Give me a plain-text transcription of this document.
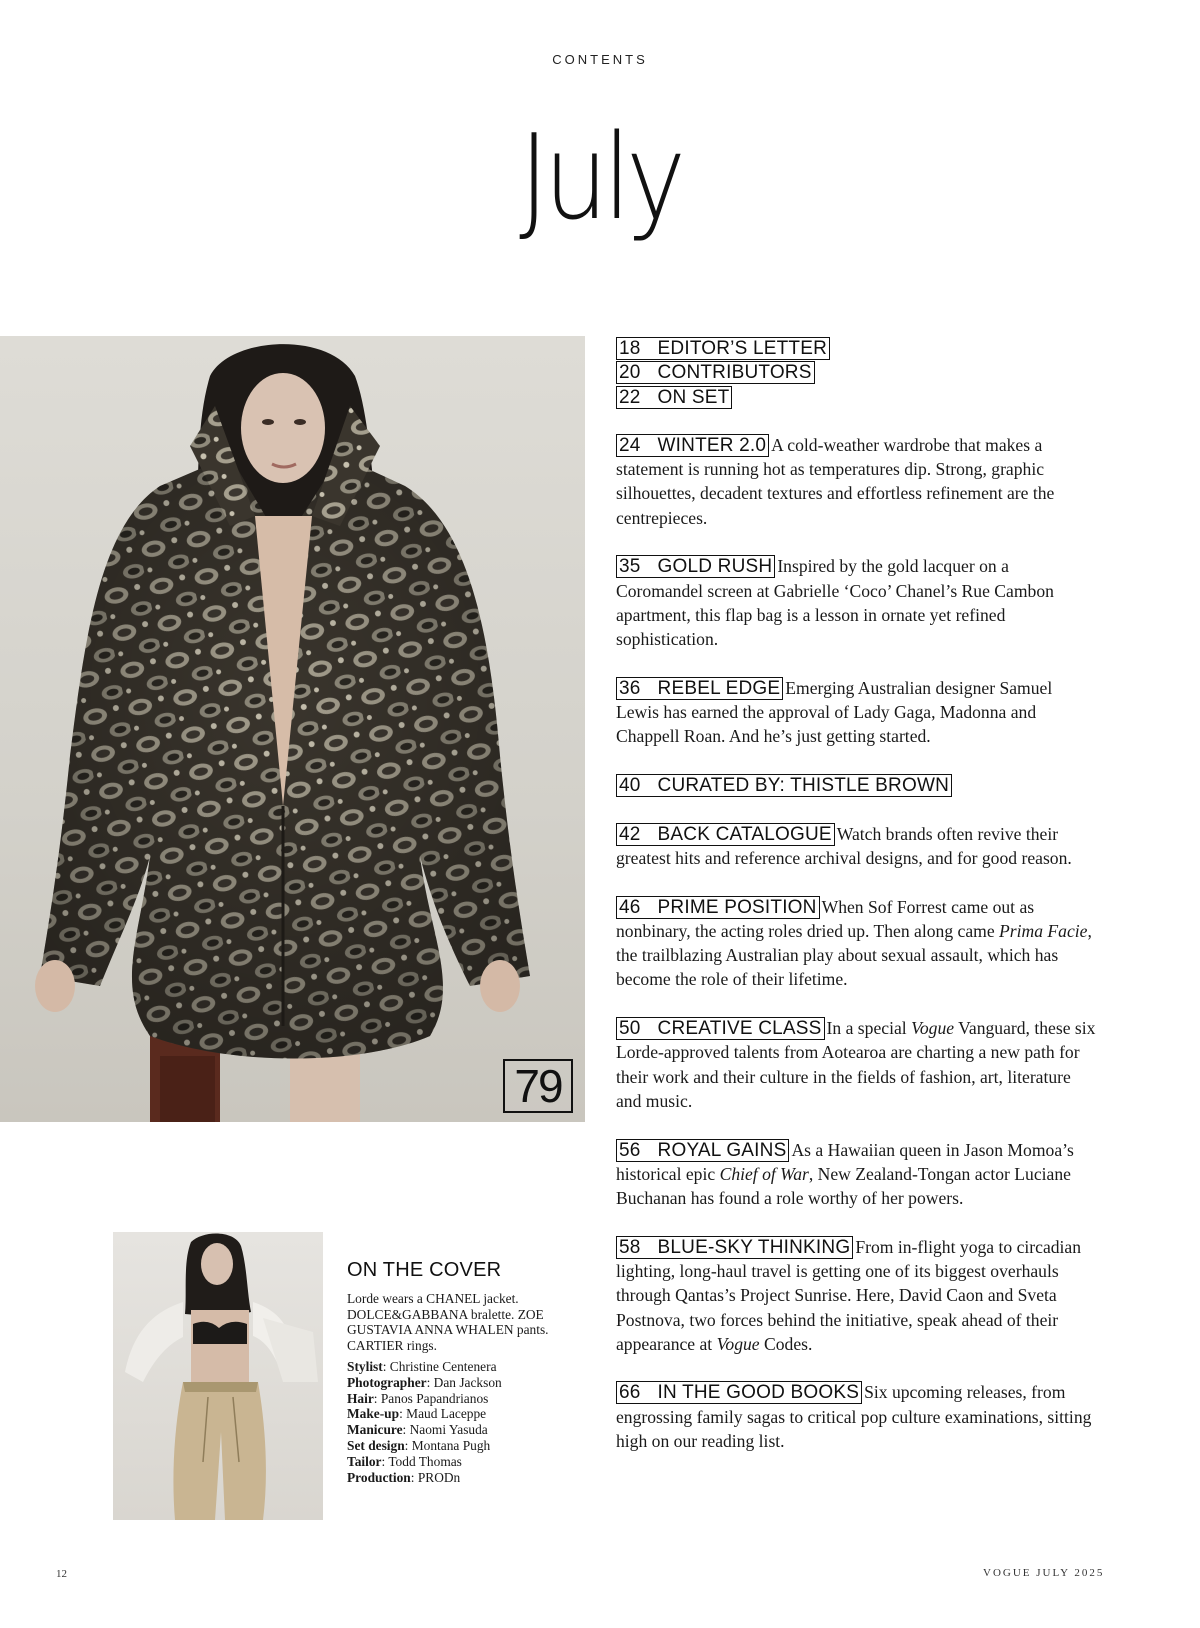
CONTENTS
July
79
18 EDITOR’S LETTER
20 CONTRIBUTORS
22 ON SET
24 WINTER 2.0 A cold-weather wardrobe that makes a statement is running hot as temperatures dip. Strong, graphic silhouettes, decadent textures and effortless refinement are the centrepieces.
35 GOLD RUSH Inspired by the gold lacquer on a Coromandel screen at Gabrielle ‘Coco’ Chanel’s Rue Cambon apartment, this flap bag is a lesson in ornate yet refined sophistication.
36 REBEL EDGE Emerging Australian designer Samuel Lewis has earned the approval of Lady Gaga, Madonna and Chappell Roan. And he’s just getting started.
40 CURATED BY: THISTLE BROWN
42 BACK CATALOGUE Watch brands often revive their greatest hits and reference archival designs, and for good reason.
46 PRIME POSITION When Sof Forrest came out as nonbinary, the acting roles dried up. Then along came Prima Facie, the trailblazing Australian play about sexual assault, which has become the role of their lifetime.
50 CREATIVE CLASS In a special Vogue Vanguard, these six Lorde-approved talents from Aotearoa are charting a new path for their work and their culture in the fields of fashion, art, literature and music.
56 ROYAL GAINS As a Hawaiian queen in Jason Momoa’s historical epic Chief of War, New Zealand-Tongan actor Luciane Buchanan has found a role worthy of her powers.
58 BLUE-SKY THINKING From in-flight yoga to circadian lighting, long-haul travel is getting one of its biggest overhauls through Qantas’s Project Sunrise. Here, David Caon and Sveta Postnova, two forces behind the initiative, speak ahead of their appearance at Vogue Codes.
66 IN THE GOOD BOOKS Six upcoming releases, from engrossing family sagas to critical pop culture examinations, sitting high on our reading list.
ON THE COVER
Lorde wears a CHANEL jacket. DOLCE&GABBANA bralette. ZOE GUSTAVIA ANNA WHALEN pants. CARTIER rings.
Stylist: Christine Centenera
Photographer: Dan Jackson
Hair: Panos Papandrianos
Make-up: Maud Laceppe
Manicure: Naomi Yasuda
Set design: Montana Pugh
Tailor: Todd Thomas
Production: PRODn
12	VOGUE JULY 2025
